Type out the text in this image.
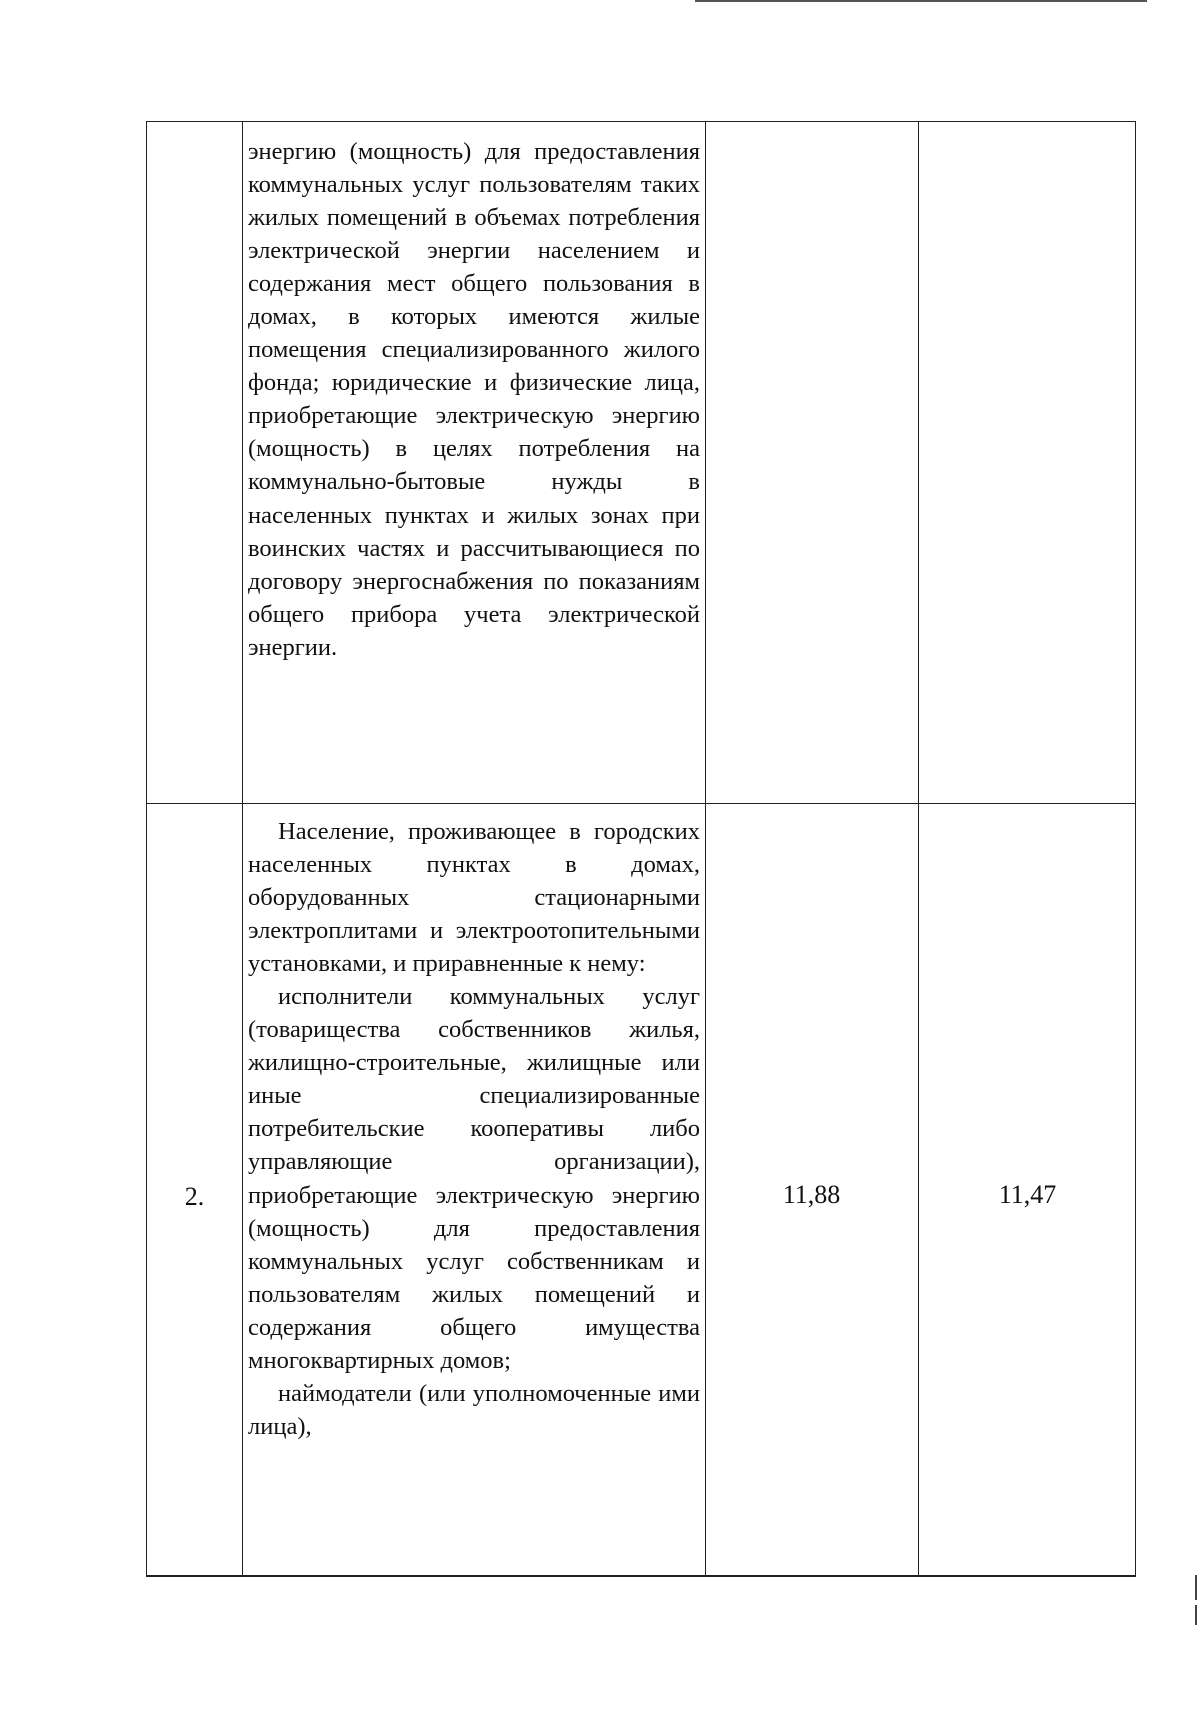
энергию (мощность) для предоставления коммунальных услуг пользователям таких жилых помещений в объемах потребления электрической энергии населением и содержания мест общего пользования в домах, в которых имеются жилые помещения специализированного жилого фонда; юридические и физические лица, приобретающие электрическую энергию (мощность) в целях потребления на коммунально-бытовые нужды в населенных пунктах и жилых зонах при воинских частях и рассчитывающиеся по договору энергоснабжения по показаниям общего прибора учета электрической энергии.

2.

Население, проживающее в городских населенных пунктах в домах, оборудованных стационарными электроплитами и электроотопительными установками, и приравненные к нему:

исполнители коммунальных услуг (товарищества собственников жилья, жилищно-строительные, жилищные или иные специализированные потребительские кооперативы либо управляющие организации), приобретающие электрическую энергию (мощность) для предоставления коммунальных услуг собственникам и пользователям жилых помещений и содержания общего имущества многоквартирных домов;

наймодатели (или уполномоченные ими лица),

11,88	11,47
